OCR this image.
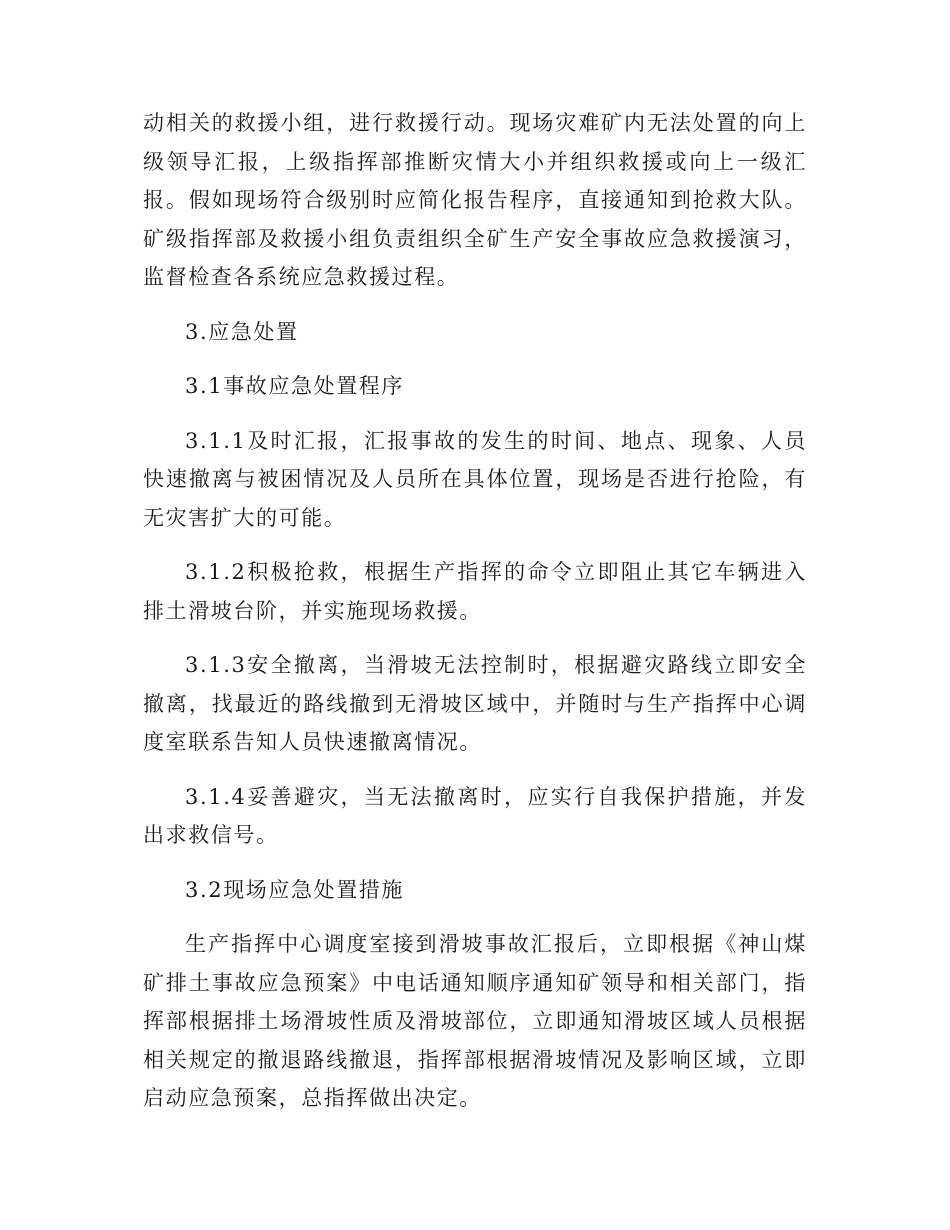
动相关的救援小组，进行救援行动。现场灾难矿内无法处置的向上级领导汇报，上级指挥部推断灾情大小并组织救援或向上一级汇报。假如现场符合级别时应简化报告程序，直接通知到抢救大队。矿级指挥部及救援小组负责组织全矿生产安全事故应急救援演习，监督检查各系统应急救援过程。

3.应急处置

3.1事故应急处置程序

3.1.1及时汇报，汇报事故的发生的时间、地点、现象、人员快速撤离与被困情况及人员所在具体位置，现场是否进行抢险，有无灾害扩大的可能。

3.1.2积极抢救，根据生产指挥的命令立即阻止其它车辆进入排土滑坡台阶，并实施现场救援。

3.1.3安全撤离，当滑坡无法控制时，根据避灾路线立即安全撤离，找最近的路线撤到无滑坡区域中，并随时与生产指挥中心调度室联系告知人员快速撤离情况。

3.1.4妥善避灾，当无法撤离时，应实行自我保护措施，并发出求救信号。

3.2现场应急处置措施

生产指挥中心调度室接到滑坡事故汇报后，立即根据《神山煤矿排土事故应急预案》中电话通知顺序通知矿领导和相关部门，指挥部根据排土场滑坡性质及滑坡部位，立即通知滑坡区域人员根据相关规定的撤退路线撤退，指挥部根据滑坡情况及影响区域，立即启动应急预案，总指挥做出决定。
